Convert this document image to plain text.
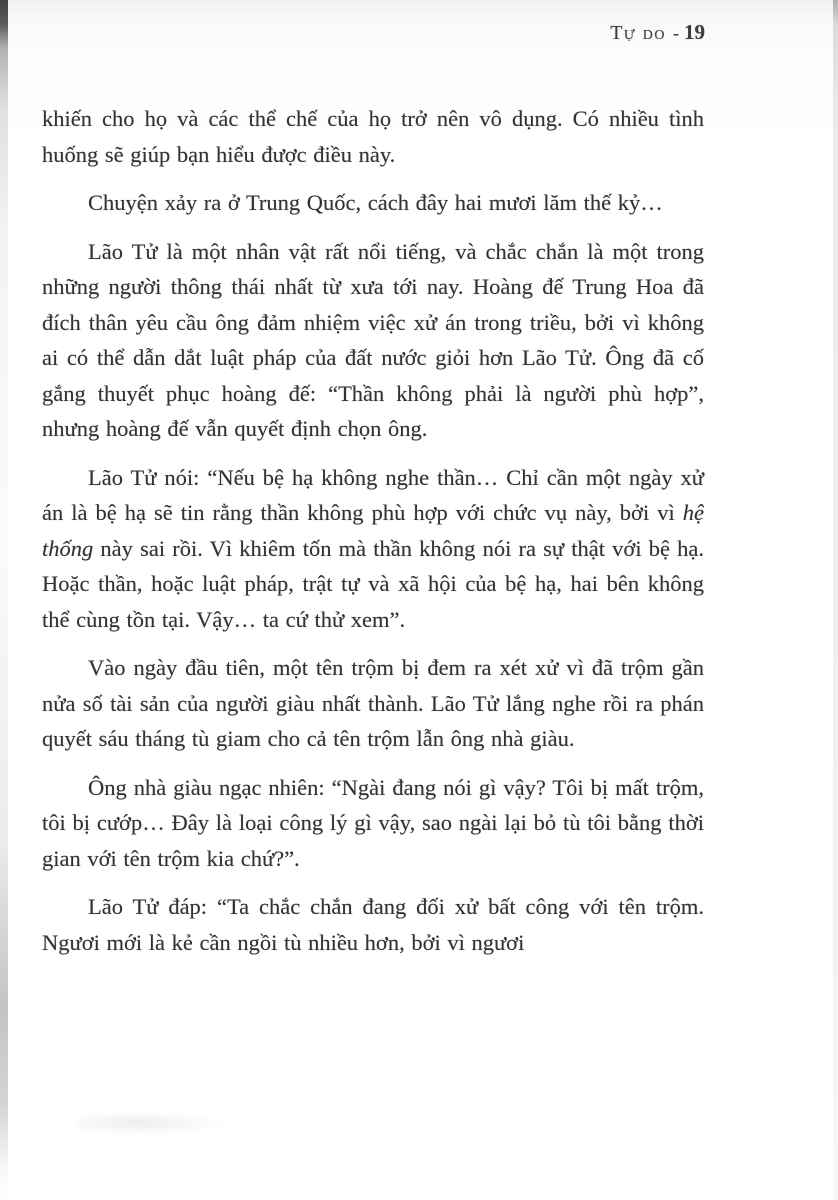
Tự do - 19

khiến cho họ và các thể chế của họ trở nên vô dụng. Có nhiều tình huống sẽ giúp bạn hiểu được điều này.

Chuyện xảy ra ở Trung Quốc, cách đây hai mươi lăm thế kỷ…

Lão Tử là một nhân vật rất nổi tiếng, và chắc chắn là một trong những người thông thái nhất từ xưa tới nay. Hoàng đế Trung Hoa đã đích thân yêu cầu ông đảm nhiệm việc xử án trong triều, bởi vì không ai có thể dẫn dắt luật pháp của đất nước giỏi hơn Lão Tử. Ông đã cố gắng thuyết phục hoàng đế: “Thần không phải là người phù hợp”, nhưng hoàng đế vẫn quyết định chọn ông.

Lão Tử nói: “Nếu bệ hạ không nghe thần… Chỉ cần một ngày xử án là bệ hạ sẽ tin rằng thần không phù hợp với chức vụ này, bởi vì hệ thống này sai rồi. Vì khiêm tốn mà thần không nói ra sự thật với bệ hạ. Hoặc thần, hoặc luật pháp, trật tự và xã hội của bệ hạ, hai bên không thể cùng tồn tại. Vậy… ta cứ thử xem”.

Vào ngày đầu tiên, một tên trộm bị đem ra xét xử vì đã trộm gần nửa số tài sản của người giàu nhất thành. Lão Tử lắng nghe rồi ra phán quyết sáu tháng tù giam cho cả tên trộm lẫn ông nhà giàu.

Ông nhà giàu ngạc nhiên: “Ngài đang nói gì vậy? Tôi bị mất trộm, tôi bị cướp… Đây là loại công lý gì vậy, sao ngài lại bỏ tù tôi bằng thời gian với tên trộm kia chứ?”.

Lão Tử đáp: “Ta chắc chắn đang đối xử bất công với tên trộm. Ngươi mới là kẻ cần ngồi tù nhiều hơn, bởi vì ngươi
